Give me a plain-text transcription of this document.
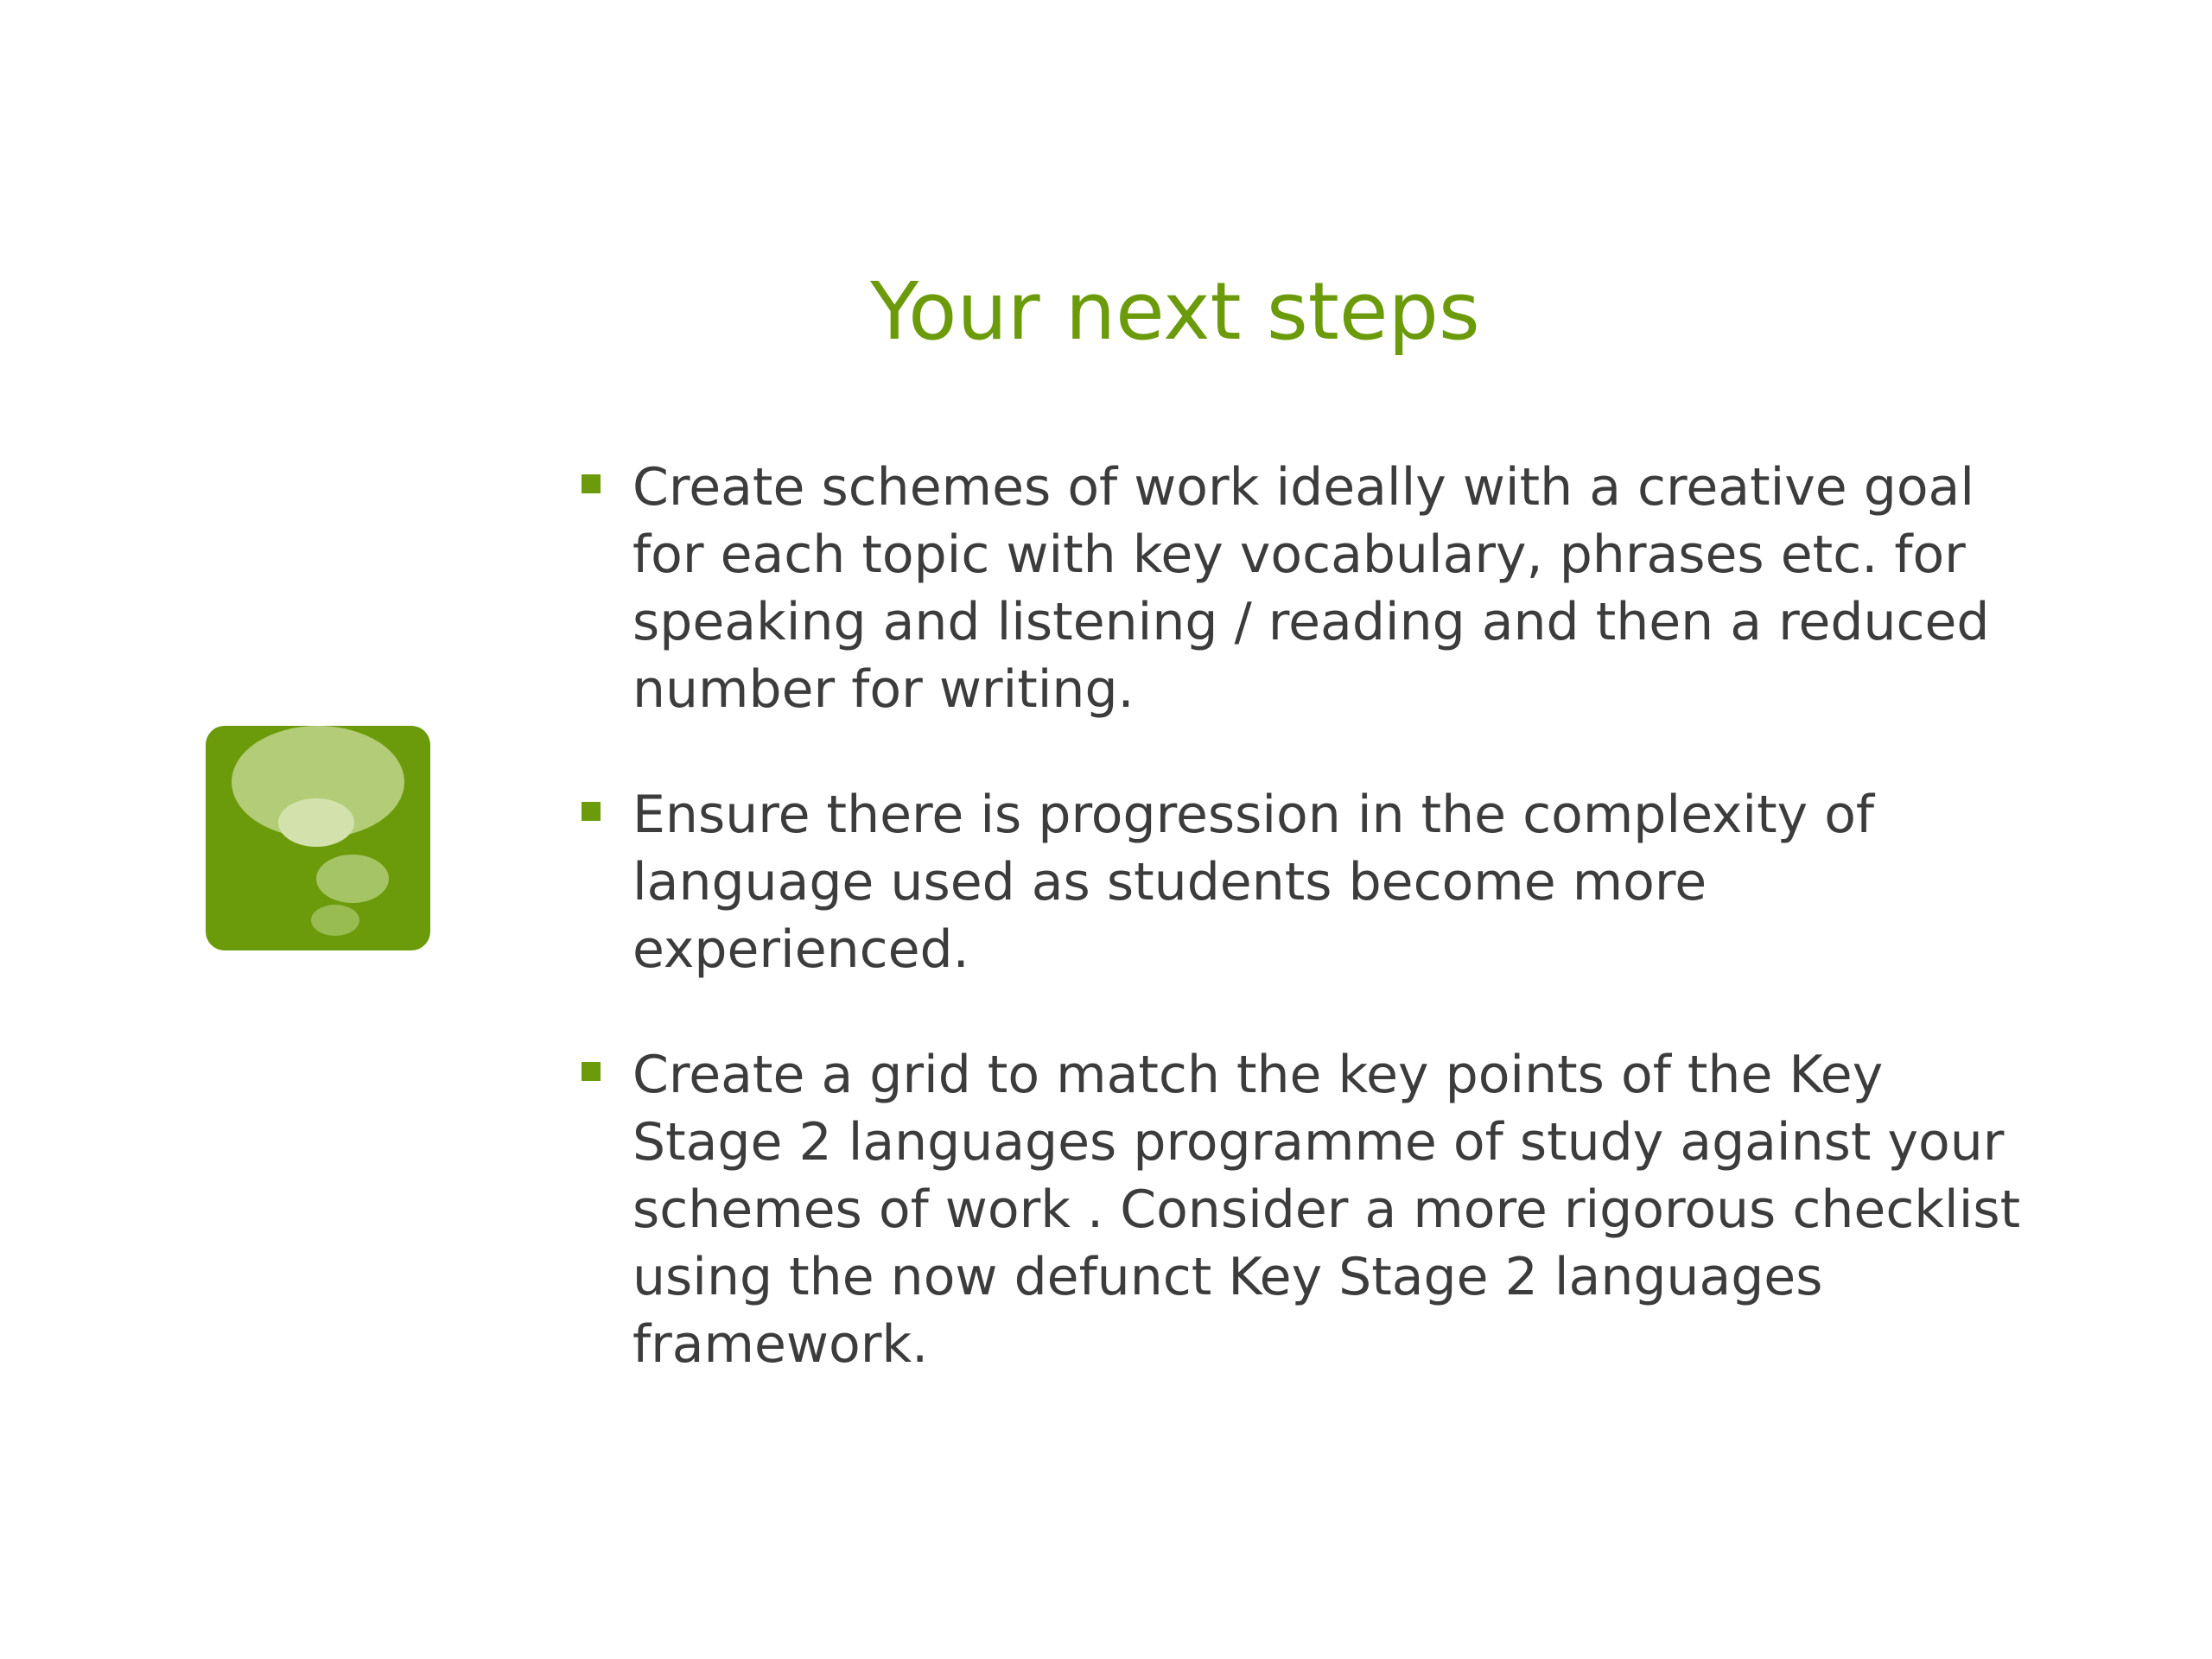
Your next steps
Create schemes of work ideally with a creative goal
for each topic with key vocabulary, phrases etc. for
speaking and listening / reading and then a reduced
number for writing.
Ensure there is progression in the complexity of
language used as students become more
experienced.
Create a grid to match the key points of the Key
Stage 2 languages programme of study against your
schemes of work . Consider a more rigorous checklist
using the now defunct Key Stage 2 languages
framework.
